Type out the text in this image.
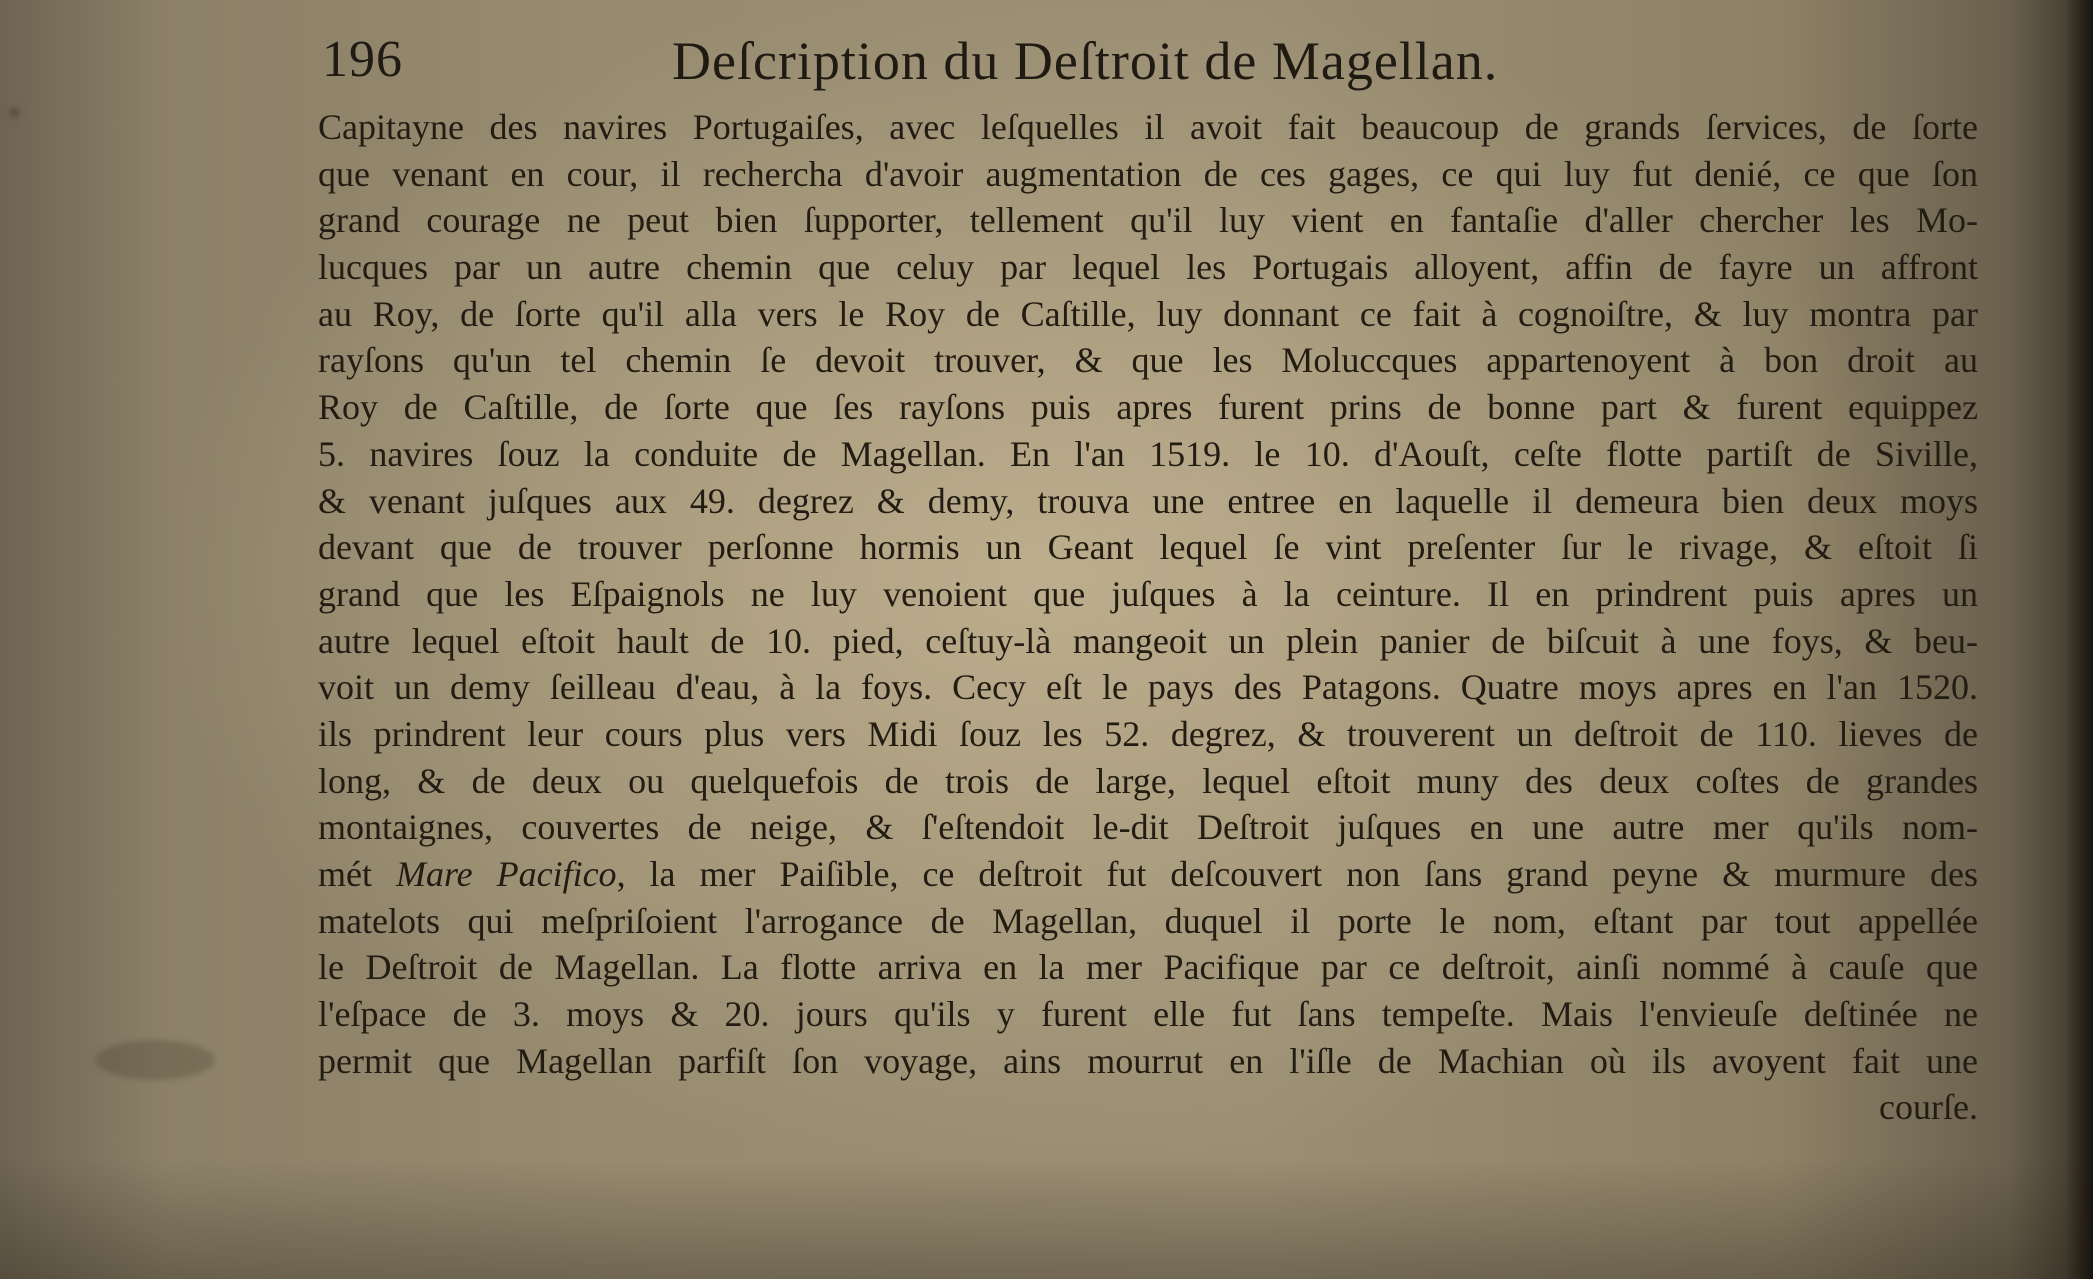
196	Deſcription du Deſtroit de Magellan.
Capitayne des navires Portugaiſes, avec leſquelles il avoit fait beaucoup de grands ſervices, de ſorte
que venant en cour, il rechercha d'avoir augmentation de ces gages, ce qui luy fut denié, ce que ſon
grand courage ne peut bien ſupporter, tellement qu'il luy vient en fantaſie d'aller chercher les Mo-
lucques par un autre chemin que celuy par lequel les Portugais alloyent, affin de fayre un affront
au Roy, de ſorte qu'il alla vers le Roy de Caſtille, luy donnant ce fait à cognoiſtre, & luy montra par
rayſons qu'un tel chemin ſe devoit trouver, & que les Moluccques appartenoyent à bon droit au
Roy de Caſtille, de ſorte que ſes rayſons puis apres furent prins de bonne part & furent equippez
5. navires ſouz la conduite de Magellan. En l'an 1519. le 10. d'Aouſt, ceſte flotte partiſt de Siville,
& venant juſques aux 49. degrez & demy, trouva une entree en laquelle il demeura bien deux moys
devant que de trouver perſonne hormis un Geant lequel ſe vint preſenter ſur le rivage, & eſtoit ſi
grand que les Eſpaignols ne luy venoient que juſques à la ceinture. Il en prindrent puis apres un
autre lequel eſtoit hault de 10. pied, ceſtuy-là mangeoit un plein panier de biſcuit à une foys, & beu-
voit un demy ſeilleau d'eau, à la foys. Cecy eſt le pays des Patagons. Quatre moys apres en l'an 1520.
ils prindrent leur cours plus vers Midi ſouz les 52. degrez, & trouverent un deſtroit de 110. lieves de
long, & de deux ou quelquefois de trois de large, lequel eſtoit muny des deux coſtes de grandes
montaignes, couvertes de neige, & ſ'eſtendoit le-dit Deſtroit juſques en une autre mer qu'ils nom-
mét Mare Pacifico, la mer Paiſible, ce deſtroit fut deſcouvert non ſans grand peyne & murmure des
matelots qui meſpriſoient l'arrogance de Magellan, duquel il porte le nom, eſtant par tout appellée
le Deſtroit de Magellan. La flotte arriva en la mer Pacifique par ce deſtroit, ainſi nommé à cauſe que
l'eſpace de 3. moys & 20. jours qu'ils y furent elle fut ſans tempeſte. Mais l'envieuſe deſtinée ne
permit que Magellan parfiſt ſon voyage, ains mourrut en l'iſle de Machian où ils avoyent fait une
courſe.
